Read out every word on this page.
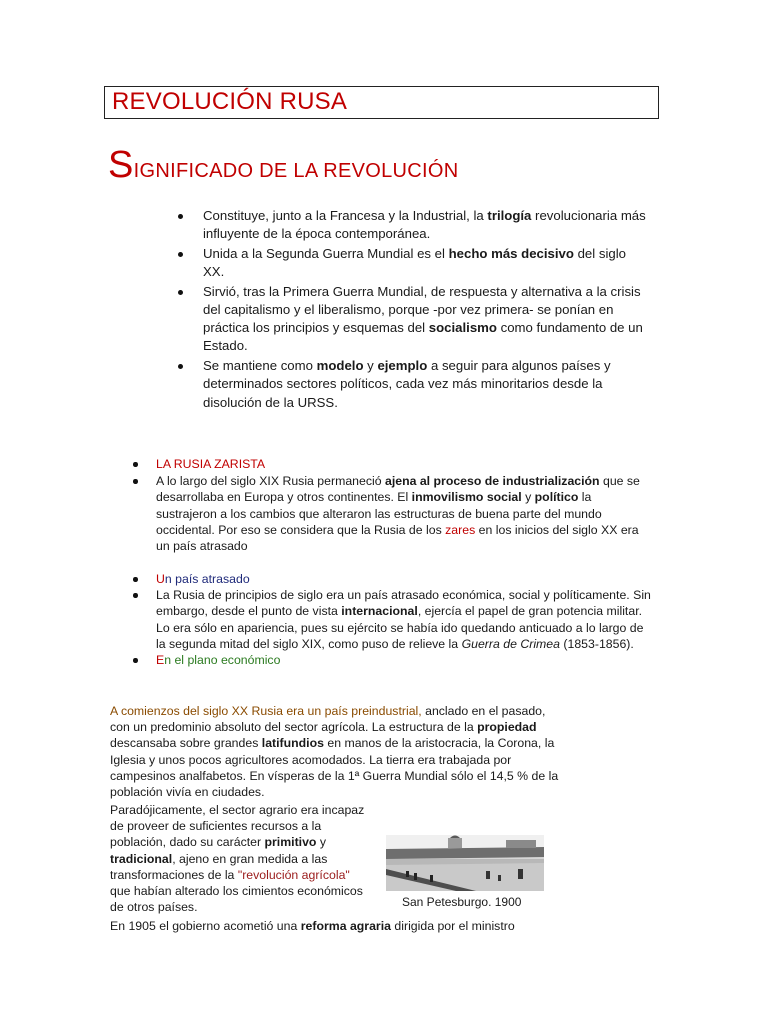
REVOLUCIÓN RUSA
SIGNIFICADO DE LA REVOLUCIÓN
Constituye, junto a la Francesa y la Industrial, la trilogía revolucionaria más influyente de la época contemporánea.
Unida a la Segunda Guerra Mundial es el hecho más decisivo del siglo XX.
Sirvió, tras la Primera Guerra Mundial, de respuesta y alternativa a la crisis del capitalismo y el liberalismo, porque -por vez primera- se ponían en práctica los principios y esquemas del socialismo como fundamento de un Estado.
Se mantiene como modelo y ejemplo a seguir para algunos países y determinados sectores políticos, cada vez más minoritarios desde la disolución de la URSS.
LA RUSIA ZARISTA
A lo largo del siglo XIX Rusia permaneció ajena al proceso de industrialización que se desarrollaba en Europa y otros continentes. El inmovilismo social y político la sustrajeron a los cambios que alteraron las estructuras de buena parte del mundo occidental. Por eso se considera que la Rusia de los zares en los inicios del siglo XX era un país atrasado
Un país atrasado
La Rusia de principios de siglo era un país atrasado económica, social y políticamente. Sin embargo, desde el punto de vista internacional, ejercía el papel de gran potencia militar. Lo era sólo en apariencia, pues su ejército se había ido quedando anticuado a lo largo de la segunda mitad del siglo XIX, como puso de relieve la Guerra de Crimea (1853-1856).
En el plano económico
A comienzos del siglo XX Rusia era un país preindustrial, anclado en el pasado, con un predominio absoluto del sector agrícola. La estructura de la propiedad descansaba sobre grandes latifundios en manos de la aristocracia, la Corona, la Iglesia y unos pocos agricultores acomodados. La tierra era trabajada por campesinos analfabetos. En vísperas de la 1ª Guerra Mundial sólo el 14,5 % de la población vivía en ciudades.
Paradójicamente, el sector agrario era incapaz de proveer de suficientes recursos a la población, dado su carácter primitivo y tradicional, ajeno en gran medida a las transformaciones de la "revolución agrícola" que habían alterado los cimientos económicos de otros países.	San Petesburgo. 1900
En 1905 el gobierno acometió una reforma agraria dirigida por el ministro
